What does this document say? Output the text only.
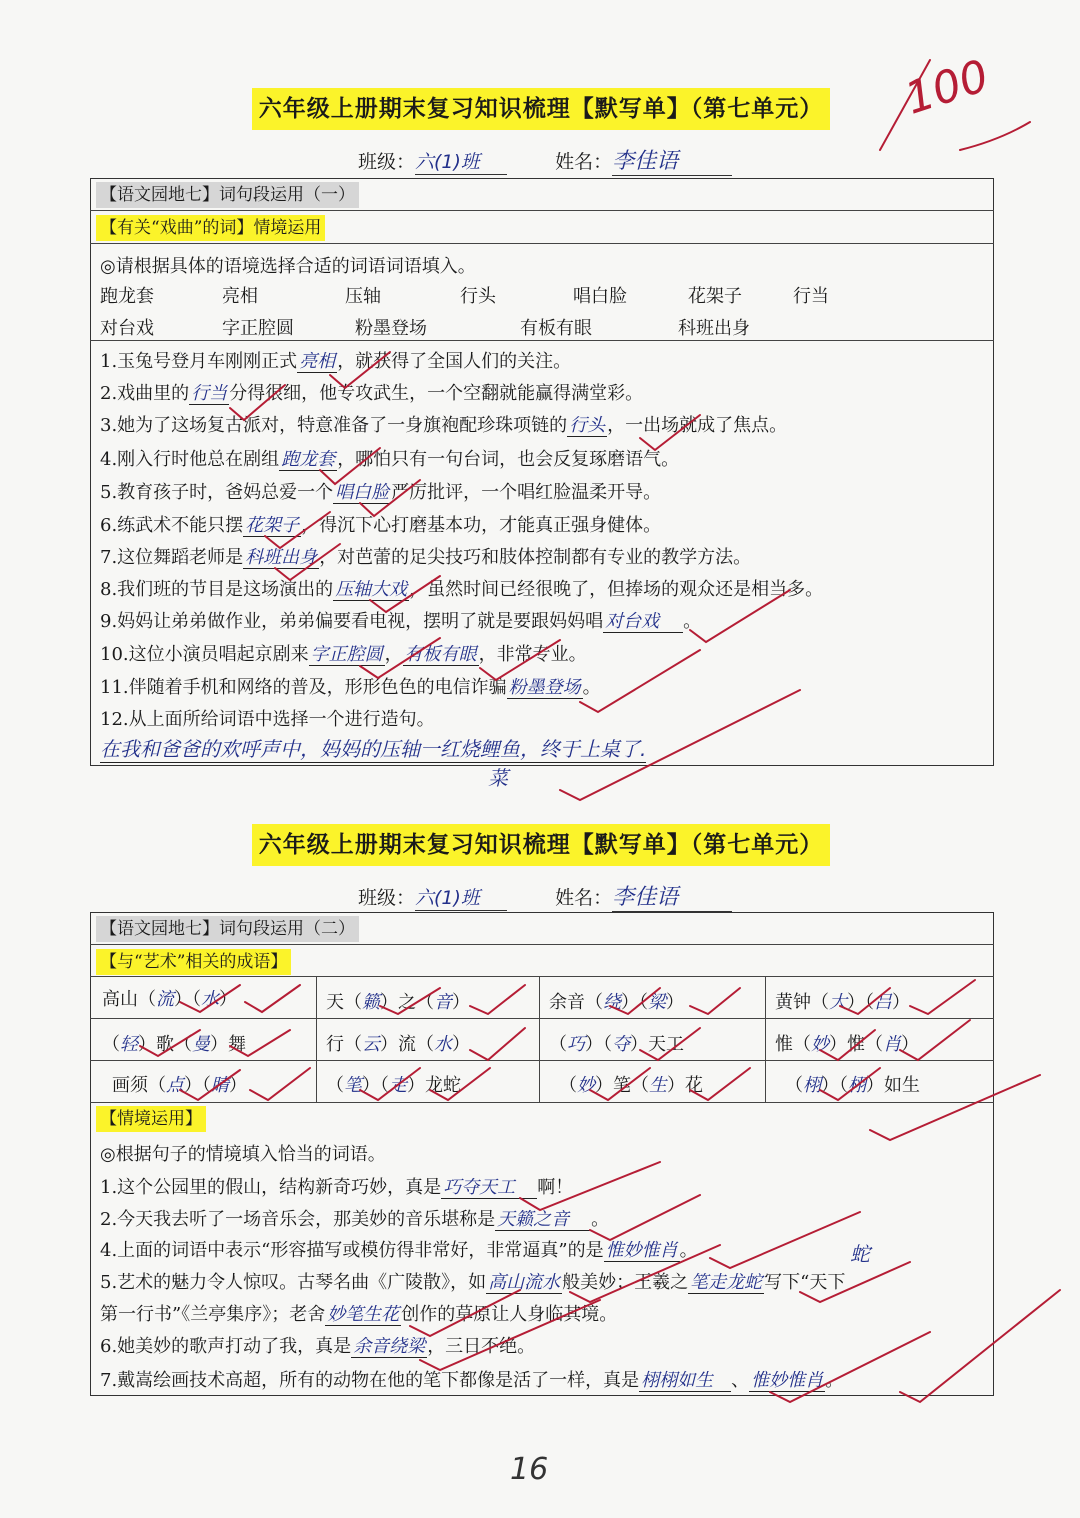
100
六年级上册期末复习知识梳理【默写单】（第七单元）
班级：六(1)班	姓名：李佳语
【语文园地七】词句段运用（一）
【有关“戏曲”的词】情境运用
◎请根据具体的语境选择合适的词语词语填入。
跑龙套	亮相	压轴	行头	唱白脸	花架子	行当
对台戏	字正腔圆	粉墨登场	有板有眼	科班出身
1.玉兔号登月车刚刚正式 亮相 ，就获得了全国人们的关注。
2.戏曲里的 行当 分得很细，他专攻武生，一个空翻就能赢得满堂彩。
3.她为了这场复古派对，特意准备了一身旗袍配珍珠项链的 行头 ，一出场就成了焦点。
4.刚入行时他总在剧组 跑龙套 ，哪怕只有一句台词，也会反复琢磨语气。
5.教育孩子时，爸妈总爱一个 唱白脸 严厉批评，一个唱红脸温柔开导。
6.练武术不能只摆 花架子 ，得沉下心打磨基本功，才能真正强身健体。
7.这位舞蹈老师是 科班出身 ，对芭蕾的足尖技巧和肢体控制都有专业的教学方法。
8.我们班的节目是这场演出的 压轴大戏 ，虽然时间已经很晚了，但捧场的观众还是相当多。
9.妈妈让弟弟做作业，弟弟偏要看电视，摆明了就是要跟妈妈唱 对台戏 。
10.这位小演员唱起京剧来 字正腔圆 ， 有板有眼 ，非常专业。
11.伴随着手机和网络的普及，形形色色的电信诈骗 粉墨登场 。
12.从上面所给词语中选择一个进行造句。
在我和爸爸的欢呼声中，妈妈的压轴一红烧鲤鱼，终于上桌了.
菜
六年级上册期末复习知识梳理【默写单】（第七单元）
班级：六(1)班	姓名：李佳语
【语文园地七】词句段运用（二）
【与“艺术”相关的成语】
高山（流）（水）	天（籁）之（音）	余音（绕）（梁）	黄钟（大）（吕）
（轻）歌（曼）舞	行（云）流（水）	（巧）（夺）天工	惟（妙）惟（肖）
画须（点）（睛）	（笔）（走）龙蛇	（妙）笔（生）花	（栩）（栩）如生
【情境运用】
◎根据句子的情境填入恰当的词语。
1.这个公园里的假山，结构新奇巧妙，真是 巧夺天工 啊！
2.今天我去听了一场音乐会，那美妙的音乐堪称是 天籁之音 。
4.上面的词语中表示“形容描写或模仿得非常好，非常逼真”的是 惟妙惟肖 。	蛇
5.艺术的魅力令人惊叹。古琴名曲《广陵散》，如 高山流水 般美妙；王羲之 笔走龙蛇 写下“天下
第一行书”《兰亭集序》；老舍 妙笔生花 创作的草原让人身临其境。
6.她美妙的歌声打动了我，真是 余音绕梁 ，三日不绝。
7.戴嵩绘画技术高超，所有的动物在他的笔下都像是活了一样，真是 栩栩如生 、 惟妙惟肖 。
16
